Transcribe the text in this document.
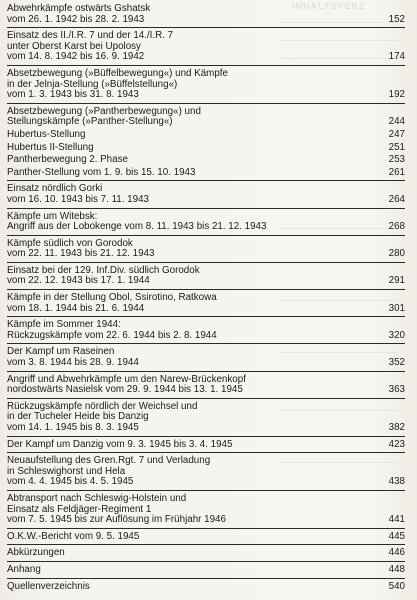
INHALTSVERZ
Abwehrkämpfe ostwärts Gshatsk
vom 26. 1. 1942 bis 28. 2. 1943	152
Einsatz des II./I.R. 7 und der 14./I.R. 7
unter Oberst Karst bei Upolosy
vom 14. 8. 1942 bis 16. 9. 1942	174
Absetzbewegung (»Büffelbewegung«) und Kämpfe
in der Jelnja-Stellung (»Büffelstellung«)
vom 1. 3. 1943 bis 31. 8. 1943	192
Absetzbewegung (»Pantherbewegung«) und
Stellungskämpfe (»Panther-Stellung«)	244
Hubertus-Stellung	247
Hubertus II-Stellung	251
Pantherbewegung 2. Phase	253
Panther-Stellung vom 1. 9. bis 15. 10. 1943	261
Einsatz nördlich Gorki
vom 16. 10. 1943 bis 7. 11. 1943	264
Kämpfe um Witebsk:
Angriff aus der Lobokenge vom 8. 11. 1943 bis 21. 12. 1943	268
Kämpfe südlich von Gorodok
vom 22. 11. 1943 bis 21. 12. 1943	280
Einsatz bei der 129. Inf.Div. südlich Gorodok
vom 22. 12. 1943 bis 17. 1. 1944	291
Kämpfe in der Stellung Obol, Ssirotino, Ratkowa
vom 18. 1. 1944 bis 21. 6. 1944	301
Kämpfe im Sommer 1944:
Rückzugskämpfe vom 22. 6. 1944 bis 2. 8. 1944	320
Der Kampf um Raseinen
vom 3. 8. 1944 bis 28. 9. 1944	352
Angriff und Abwehrkämpfe um den Narew-Brückenkopf
nordostwärts Nasielsk vom 29. 9. 1944 bis 13. 1. 1945	363
Rückzugskämpfe nördlich der Weichsel und
in der Tucheler Heide bis Danzig
vom 14. 1. 1945 bis 8. 3. 1945	382
Der Kampf um Danzig vom 9. 3. 1945 bis 3. 4. 1945	423
Neuaufstellung des Gren.Rgt. 7 und Verladung
in Schleswighorst und Hela
vom 4. 4. 1945 bis 4. 5. 1945	438
Abtransport nach Schleswig-Holstein und
Einsatz als Feldjäger-Regiment 1
vom 7. 5. 1945 bis zur Auflösung im Frühjahr 1946	441
O.K.W.-Bericht vom 9. 5. 1945	445
Abkürzungen	446
Anhang	448
Quellenverzeichnis	540
